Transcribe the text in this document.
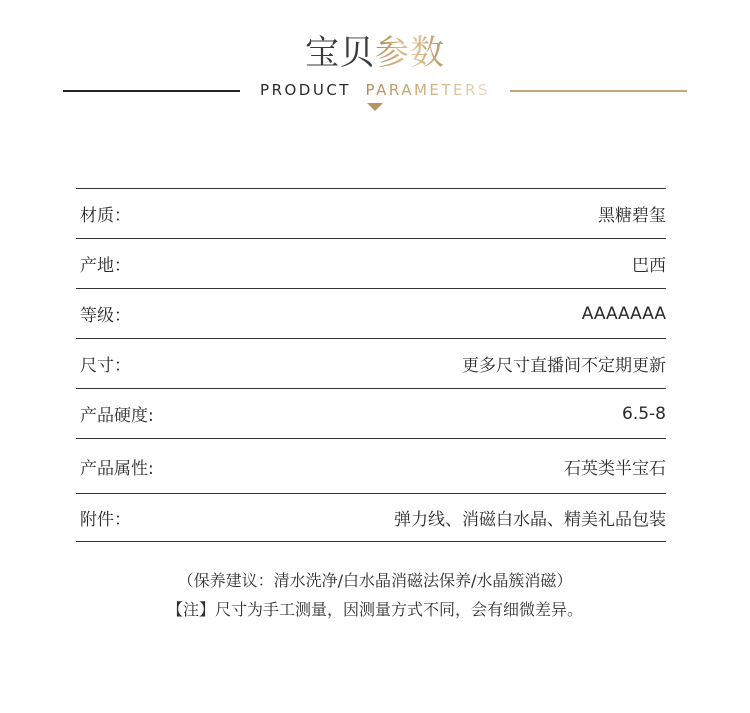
宝贝参数
PRODUCT PARAMETERS
材质：	黑糖碧玺
产地：	巴西
等级：	AAAAAAA
尺寸：	更多尺寸直播间不定期更新
产品硬度:	6.5-8
产品属性:	石英类半宝石
附件：	弹力线、消磁白水晶、精美礼品包装
（保养建议：清水洗净/白水晶消磁法保养/水晶簇消磁）
【注】尺寸为手工测量，因测量方式不同，会有细微差异。
